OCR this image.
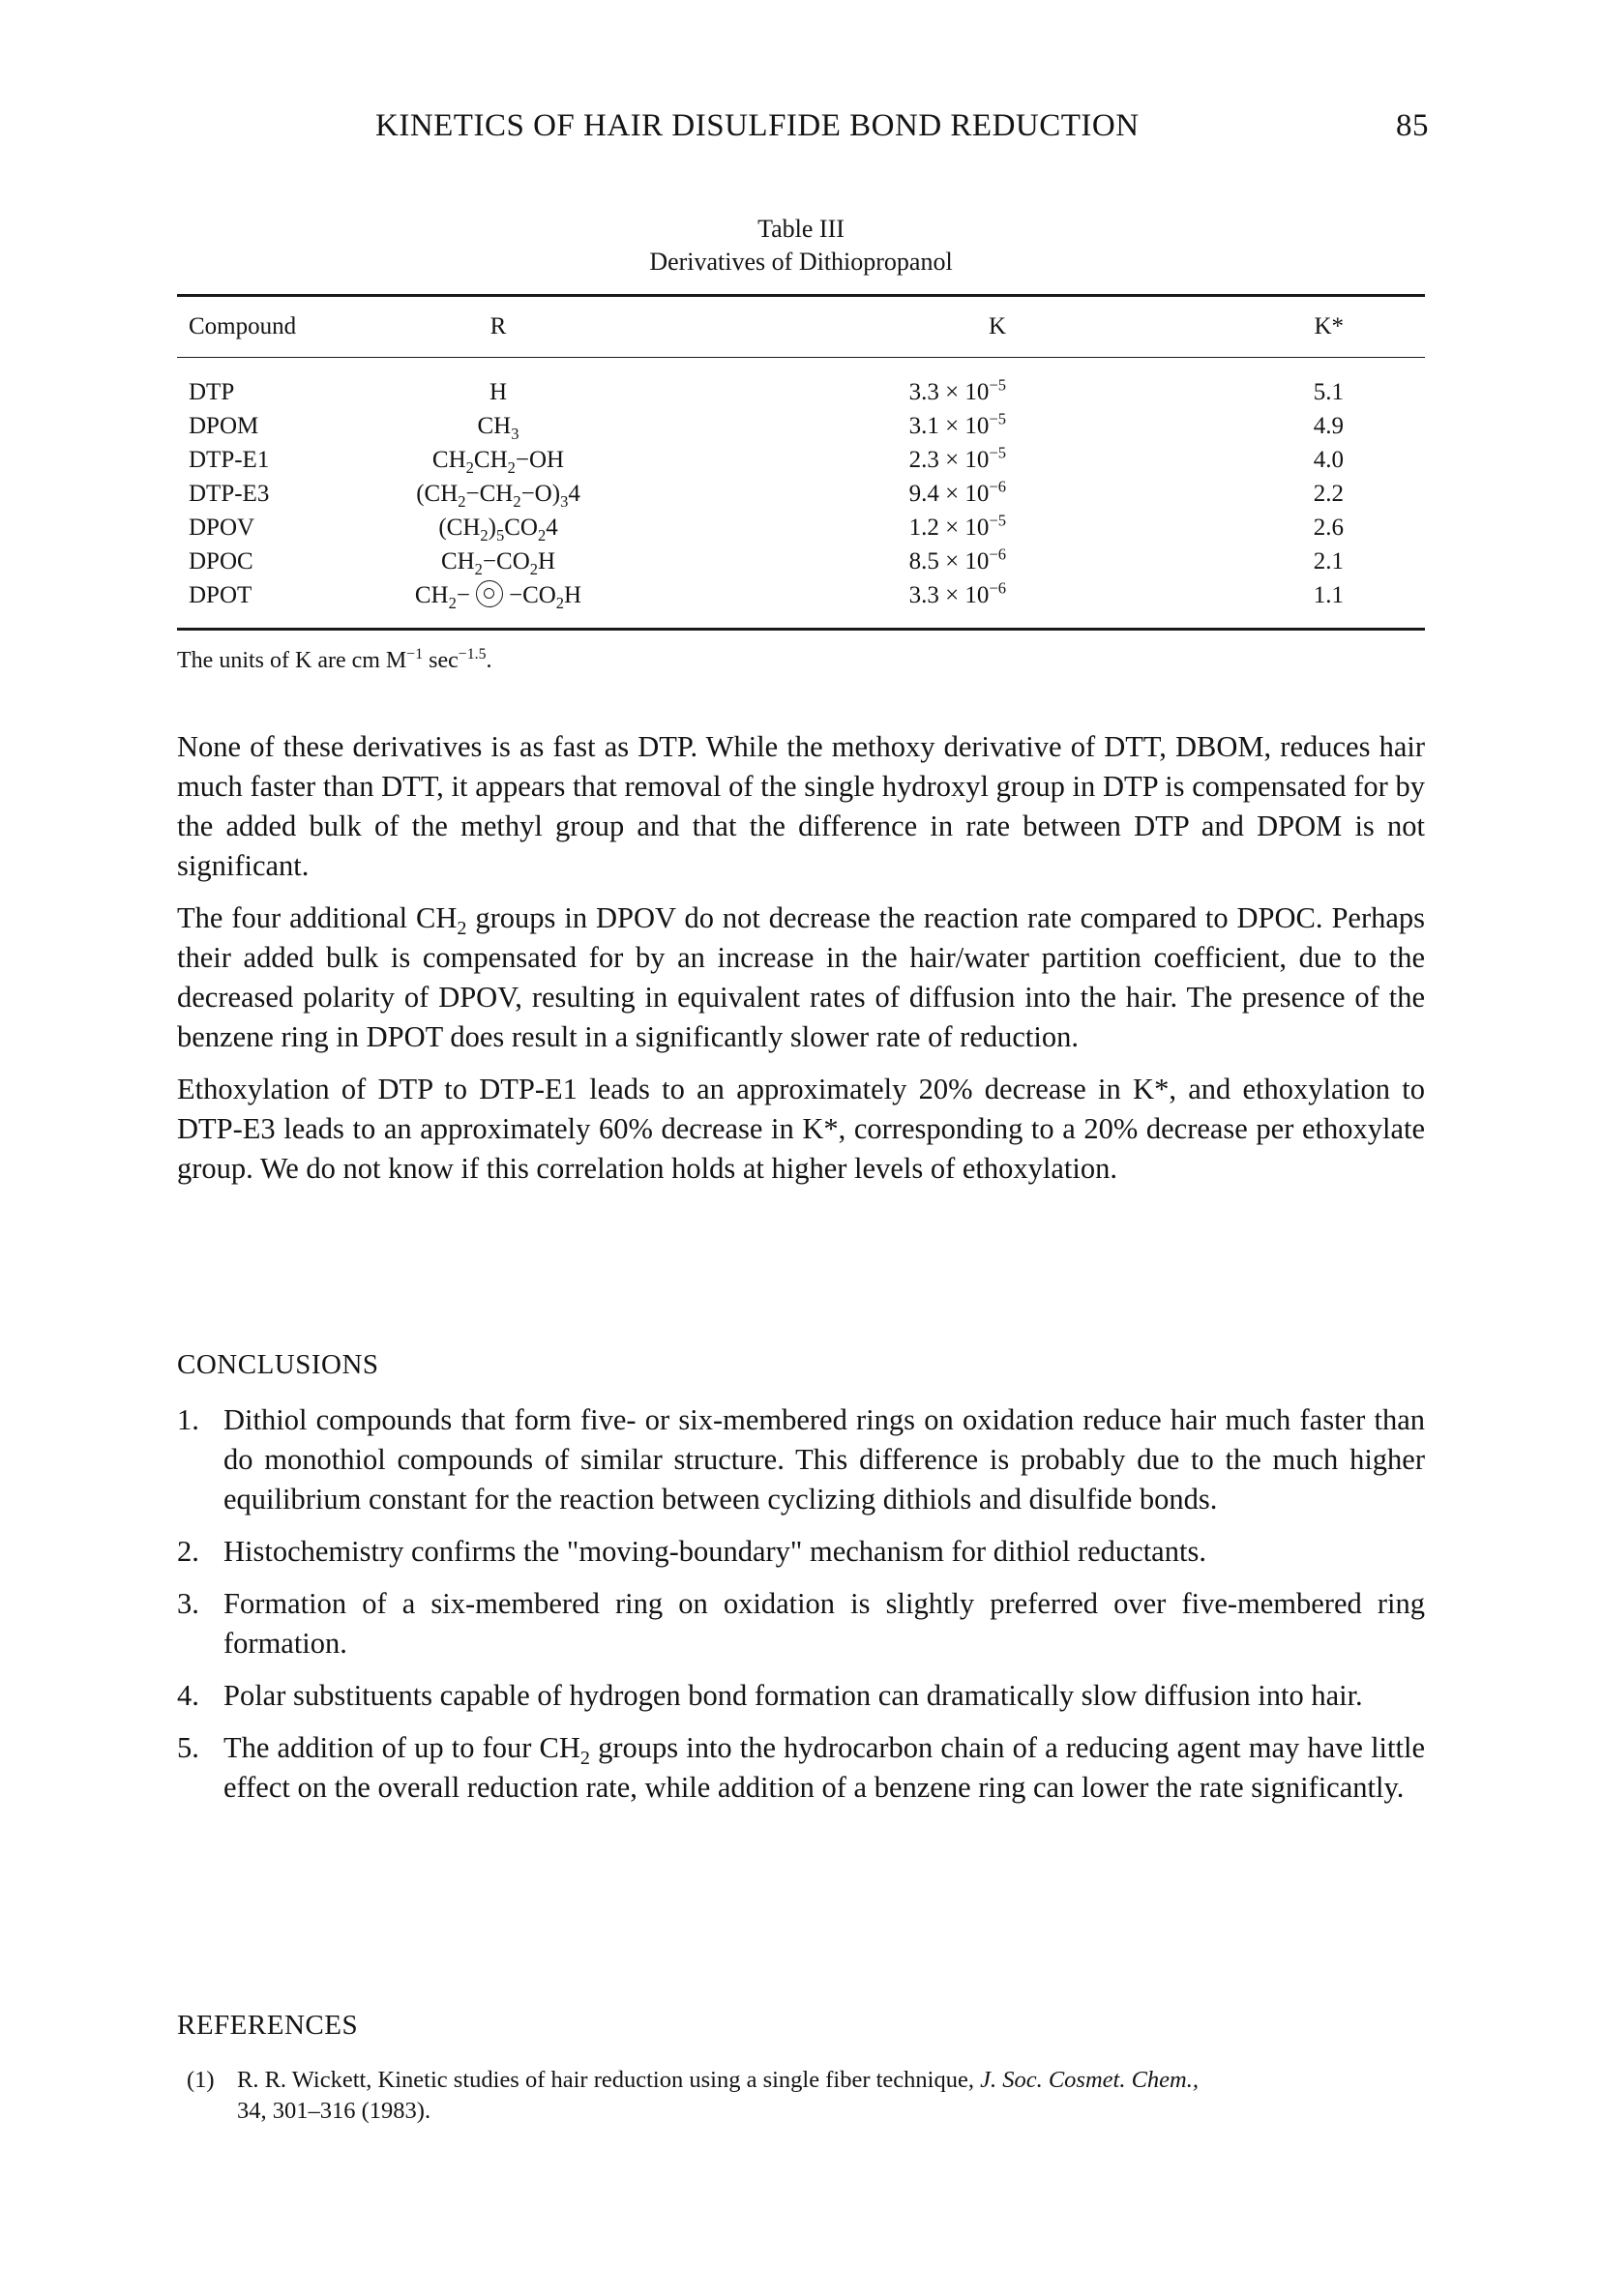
KINETICS OF HAIR DISULFIDE BOND REDUCTION	85
Table III
Derivatives of Dithiopropanol
Compound	R	K	K*
DTP	H	$3.3 \times 10^{-5}$	5.1
DPOM	$CH_3$	$3.1 \times 10^{-5}$	4.9
DTP-E1	$CH_2CH_2-OH$	$2.3 \times 10^{-5}$	4.0
DTP-E3	$(CH_2-CH_2-O)_34$	$9.4 \times 10^{-6}$	2.2
DPOV	$(CH_2)_5CO_24$	$1.2 \times 10^{-5}$	2.6
DPOC	$CH_2-CO_2H$	$8.5 \times 10^{-6}$	2.1
DPOT	$CH_2- -CO_2H$	$3.3 \times 10^{-6}$	1.1
The units of K are cm $M^{-1}$ $\sec^{-1.5}$.

None of these derivatives is as fast as DTP. While the methoxy derivative of DTT, DBOM, reduces hair much faster than DTT, it appears that removal of the single hydroxyl group in DTP is compensated for by the added bulk of the methyl group and that the difference in rate between DTP and DPOM is not significant.

The four additional $CH_2$ groups in DPOV do not decrease the reaction rate compared to DPOC. Perhaps their added bulk is compensated for by an increase in the hair/water partition coefficient, due to the decreased polarity of DPOV, resulting in equivalent rates of diffusion into the hair. The presence of the benzene ring in DPOT does result in a significantly slower rate of reduction.

Ethoxylation of DTP to DTP-E1 leads to an approximately 20% decrease in K*, and ethoxylation to DTP-E3 leads to an approximately 60% decrease in K*, corresponding to a 20% decrease per ethoxylate group. We do not know if this correlation holds at higher levels of ethoxylation.

CONCLUSIONS
1. Dithiol compounds that form five- or six-membered rings on oxidation reduce hair much faster than do monothiol compounds of similar structure. This difference is probably due to the much higher equilibrium constant for the reaction between cyclizing dithiols and disulfide bonds.
2. Histochemistry confirms the "moving-boundary" mechanism for dithiol reductants.
3. Formation of a six-membered ring on oxidation is slightly preferred over five-membered ring formation.
4. Polar substituents capable of hydrogen bond formation can dramatically slow diffusion into hair.
5. The addition of up to four $CH_2$ groups into the hydrocarbon chain of a reducing agent may have little effect on the overall reduction rate, while addition of a benzene ring can lower the rate significantly.
REFERENCES
(1) R. R. Wickett, Kinetic studies of hair reduction using a single fiber technique, J. Soc. Cosmet. Chem.,
34, 301–316 (1983).
